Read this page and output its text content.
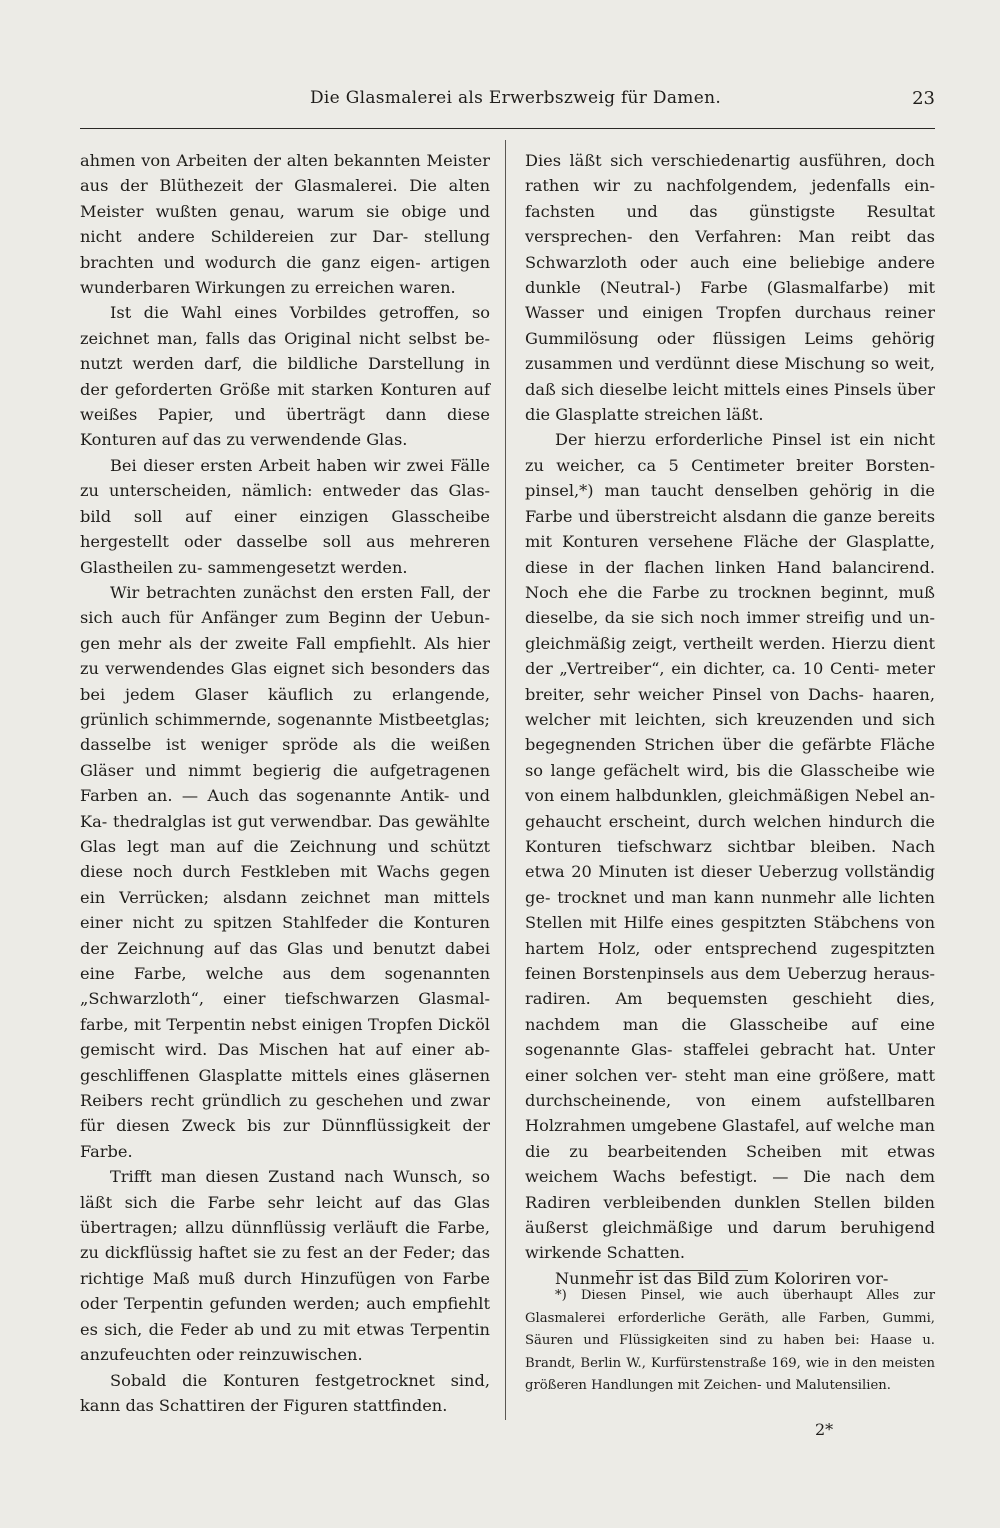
Die Glasmalerei als Erwerbszweig für Damen.	23

ahmen von Arbeiten der alten bekannten Meister aus der Blüthezeit der Glasmalerei. Die alten Meister wußten genau, warum sie obige und nicht andere Schildereien zur Dar- stellung brachten und wodurch die ganz eigen- artigen wunderbaren Wirkungen zu erreichen waren.

Ist die Wahl eines Vorbildes getroffen, so zeichnet man, falls das Original nicht selbst be- nutzt werden darf, die bildliche Darstellung in der geforderten Größe mit starken Konturen auf weißes Papier, und überträgt dann diese Konturen auf das zu verwendende Glas.

Bei dieser ersten Arbeit haben wir zwei Fälle zu unterscheiden, nämlich: entweder das Glas- bild soll auf einer einzigen Glasscheibe hergestellt oder dasselbe soll aus mehreren Glastheilen zu- sammengesetzt werden.

Wir betrachten zunächst den ersten Fall, der sich auch für Anfänger zum Beginn der Uebun- gen mehr als der zweite Fall empfiehlt. Als hier zu verwendendes Glas eignet sich besonders das bei jedem Glaser käuflich zu erlangende, grünlich schimmernde, sogenannte Mistbeetglas; dasselbe ist weniger spröde als die weißen Gläser und nimmt begierig die aufgetragenen Farben an. — Auch das sogenannte Antik- und Ka- thedralglas ist gut verwendbar. Das gewählte Glas legt man auf die Zeichnung und schützt diese noch durch Festkleben mit Wachs gegen ein Verrücken; alsdann zeichnet man mittels einer nicht zu spitzen Stahlfeder die Konturen der Zeichnung auf das Glas und benutzt dabei eine Farbe, welche aus dem sogenannten „Schwarzloth“, einer tiefschwarzen Glasmal- farbe, mit Terpentin nebst einigen Tropfen Dicköl gemischt wird. Das Mischen hat auf einer ab- geschliffenen Glasplatte mittels eines gläsernen Reibers recht gründlich zu geschehen und zwar für diesen Zweck bis zur Dünnflüssigkeit der Farbe.

Trifft man diesen Zustand nach Wunsch, so läßt sich die Farbe sehr leicht auf das Glas übertragen; allzu dünnflüssig verläuft die Farbe, zu dickflüssig haftet sie zu fest an der Feder; das richtige Maß muß durch Hinzufügen von Farbe oder Terpentin gefunden werden; auch empfiehlt es sich, die Feder ab und zu mit etwas Terpentin anzufeuchten oder reinzuwischen.

Sobald die Konturen festgetrocknet sind, kann das Schattiren der Figuren stattfinden.

Dies läßt sich verschiedenartig ausführen, doch rathen wir zu nachfolgendem, jedenfalls ein- fachsten und das günstigste Resultat versprechen- den Verfahren: Man reibt das Schwarzloth oder auch eine beliebige andere dunkle (Neutral-) Farbe (Glasmalfarbe) mit Wasser und einigen Tropfen durchaus reiner Gummilösung oder flüssigen Leims gehörig zusammen und verdünnt diese Mischung so weit, daß sich dieselbe leicht mittels eines Pinsels über die Glasplatte streichen läßt.

Der hierzu erforderliche Pinsel ist ein nicht zu weicher, ca 5 Centimeter breiter Borsten- pinsel,*) man taucht denselben gehörig in die Farbe und überstreicht alsdann die ganze bereits mit Konturen versehene Fläche der Glasplatte, diese in der flachen linken Hand balancirend. Noch ehe die Farbe zu trocknen beginnt, muß dieselbe, da sie sich noch immer streifig und un- gleichmäßig zeigt, vertheilt werden. Hierzu dient der „Vertreiber“, ein dichter, ca. 10 Centi- meter breiter, sehr weicher Pinsel von Dachs- haaren, welcher mit leichten, sich kreuzenden und sich begegnenden Strichen über die gefärbte Fläche so lange gefächelt wird, bis die Glasscheibe wie von einem halbdunklen, gleichmäßigen Nebel an- gehaucht erscheint, durch welchen hindurch die Konturen tiefschwarz sichtbar bleiben. Nach etwa 20 Minuten ist dieser Ueberzug vollständig ge- trocknet und man kann nunmehr alle lichten Stellen mit Hilfe eines gespitzten Stäbchens von hartem Holz, oder entsprechend zugespitzten feinen Borstenpinsels aus dem Ueberzug heraus- radiren. Am bequemsten geschieht dies, nachdem man die Glasscheibe auf eine sogenannte Glas- staffelei gebracht hat. Unter einer solchen ver- steht man eine größere, matt durchscheinende, von einem aufstellbaren Holzrahmen umgebene Glastafel, auf welche man die zu bearbeitenden Scheiben mit etwas weichem Wachs befestigt. — Die nach dem Radiren verbleibenden dunklen Stellen bilden äußerst gleichmäßige und darum beruhigend wirkende Schatten.

Nunmehr ist das Bild zum Koloriren vor-

*) Diesen Pinsel, wie auch überhaupt Alles zur Glasmalerei erforderliche Geräth, alle Farben, Gummi, Säuren und Flüssigkeiten sind zu haben bei: Haase u. Brandt, Berlin W., Kurfürstenstraße 169, wie in den meisten größeren Handlungen mit Zeichen- und Malutensilien.

2*
